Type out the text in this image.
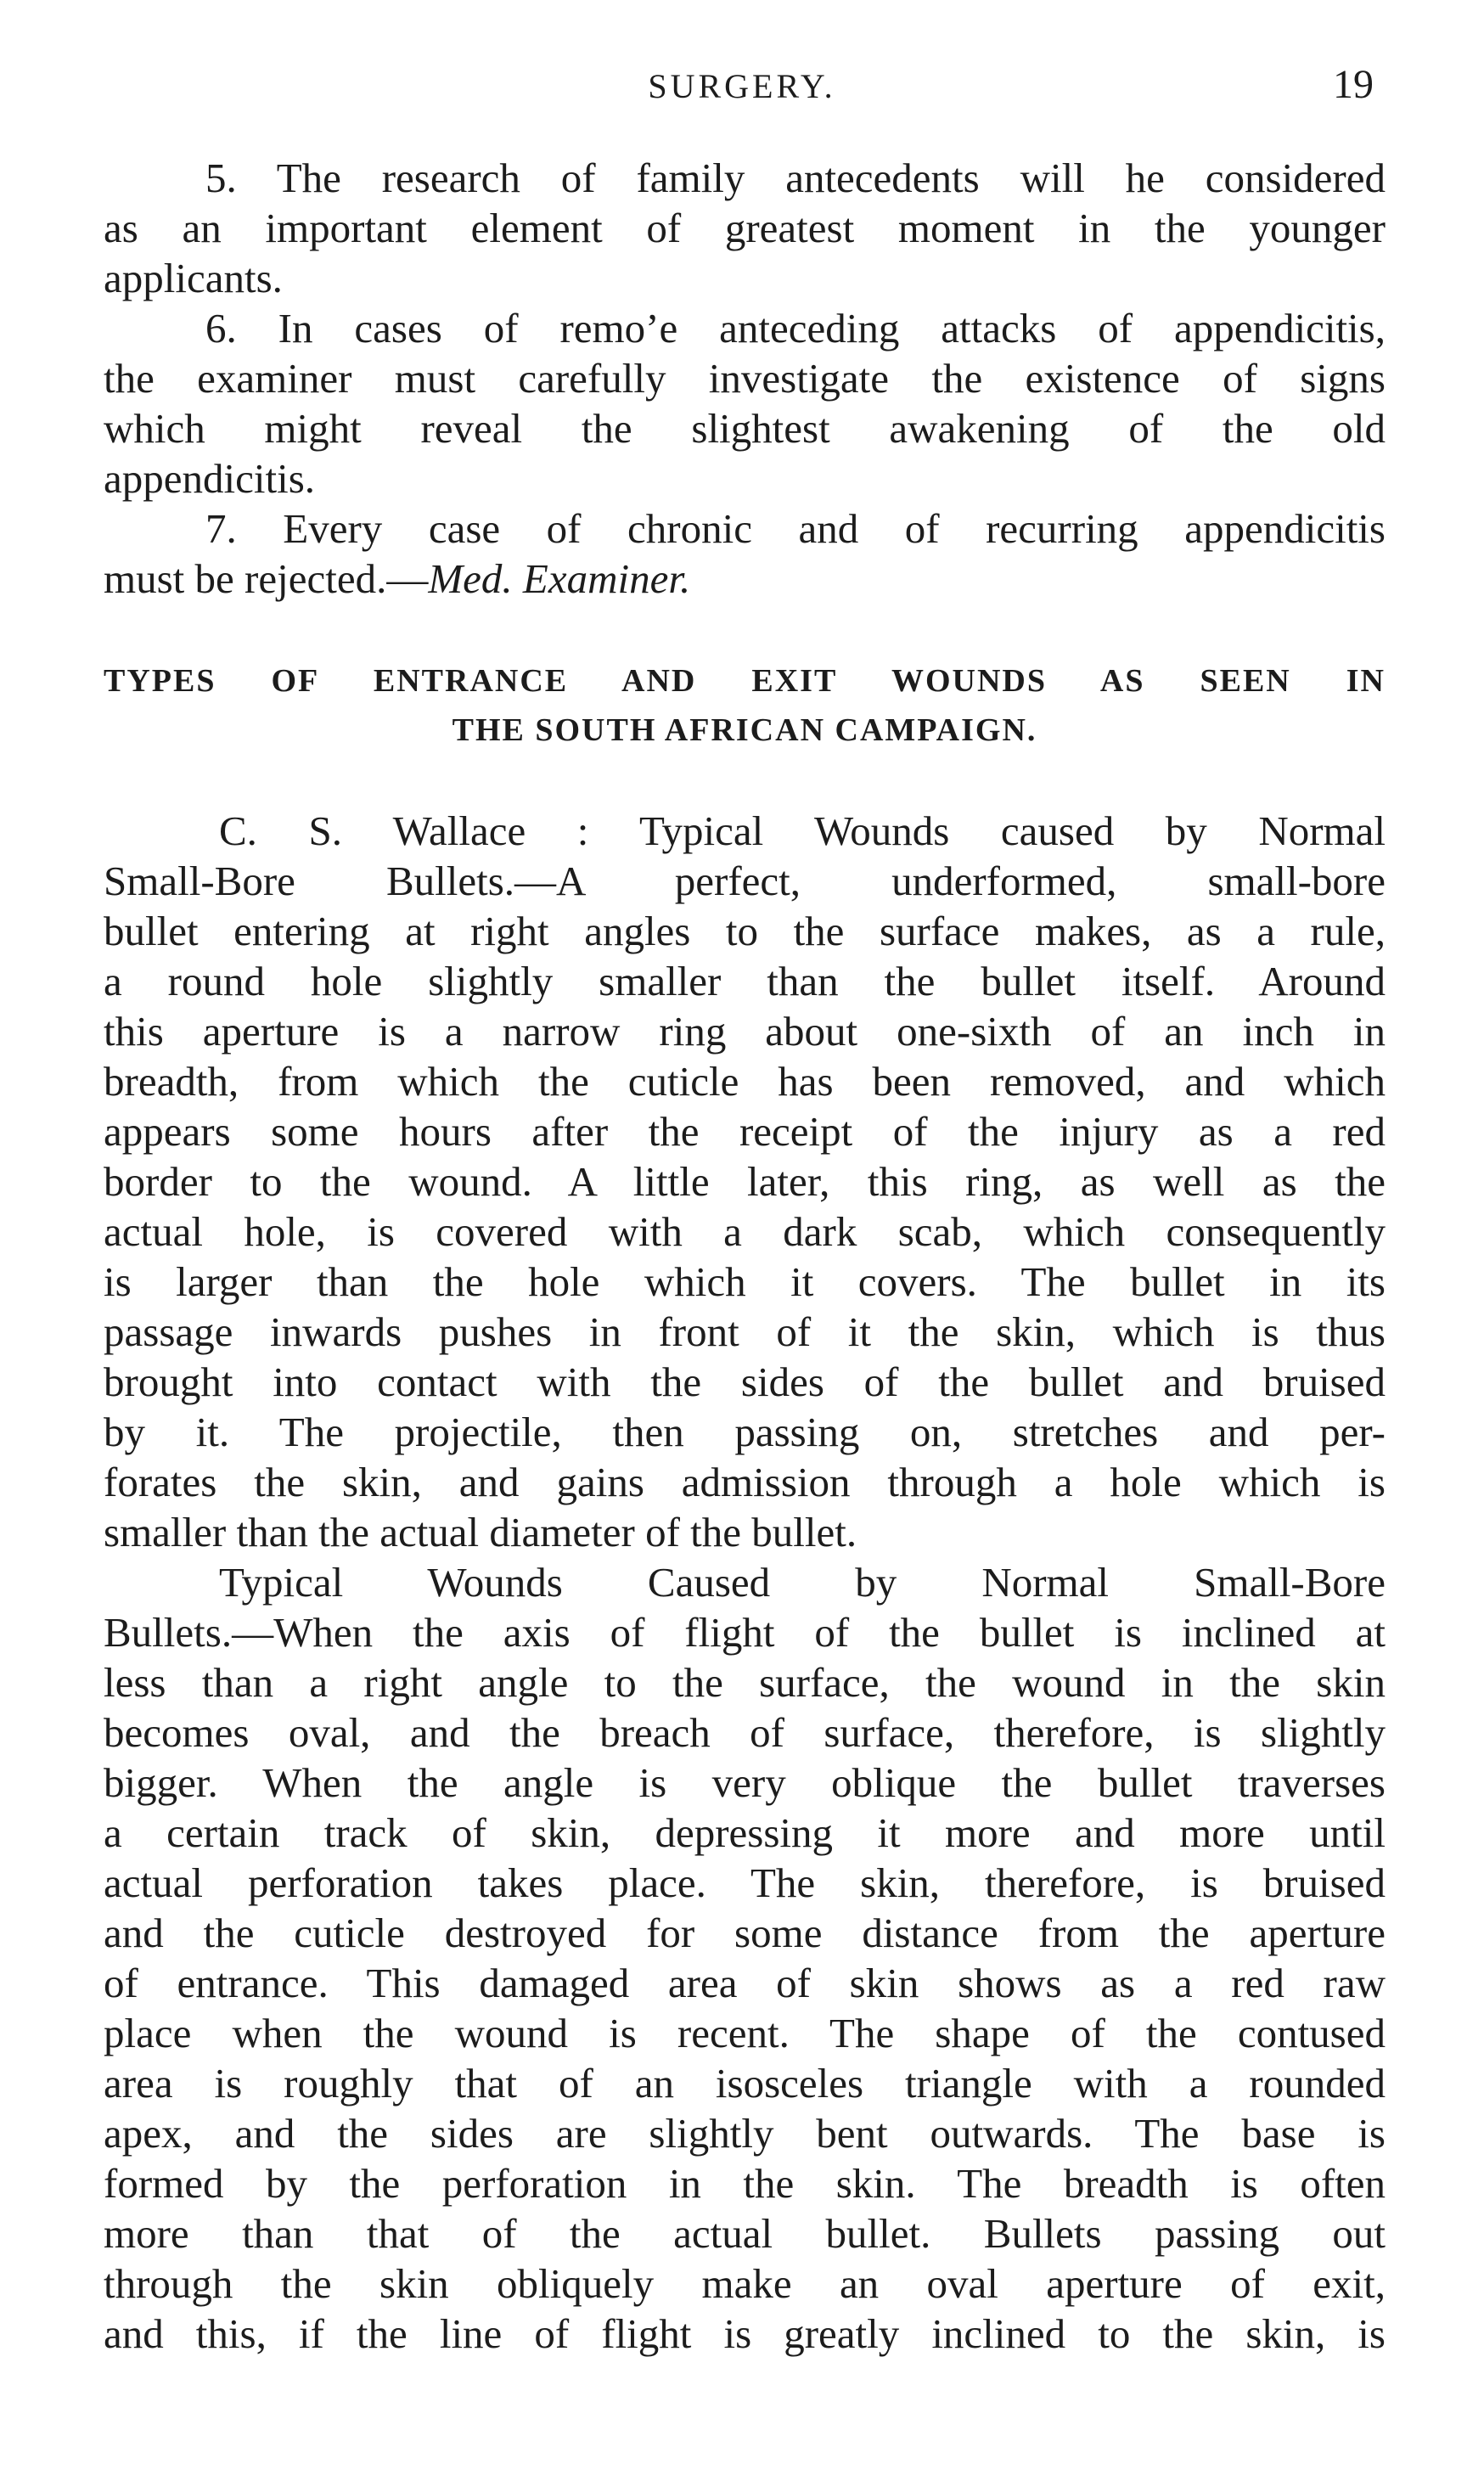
SURGERY.	19
5. The research of family antecedents will he considered
as an important element of greatest moment in the younger
applicants.
6. In cases of remo’e anteceding attacks of appendicitis,
the examiner must carefully investigate the existence of signs
which might reveal the slightest awakening of the old
appendicitis.
7. Every case of chronic and of recurring appendicitis
must be rejected.—Med. Examiner.
TYPES OF ENTRANCE AND EXIT WOUNDS AS SEEN IN
THE SOUTH AFRICAN CAMPAIGN.
C. S. Wallace : Typical Wounds caused by Normal
Small-Bore Bullets.—A perfect, underformed, small-bore
bullet entering at right angles to the surface makes, as a rule,
a round hole slightly smaller than the bullet itself. Around
this aperture is a narrow ring about one-sixth of an inch in
breadth, from which the cuticle has been removed, and which
appears some hours after the receipt of the injury as a red
border to the wound. A little later, this ring, as well as the
actual hole, is covered with a dark scab, which consequently
is larger than the hole which it covers. The bullet in its
passage inwards pushes in front of it the skin, which is thus
brought into contact with the sides of the bullet and bruised
by it. The projectile, then passing on, stretches and per-
forates the skin, and gains admission through a hole which is
smaller than the actual diameter of the bullet.
Typical Wounds Caused by Normal Small-Bore
Bullets.—When the axis of flight of the bullet is inclined at
less than a right angle to the surface, the wound in the skin
becomes oval, and the breach of surface, therefore, is slightly
bigger. When the angle is very oblique the bullet traverses
a certain track of skin, depressing it more and more until
actual perforation takes place. The skin, therefore, is bruised
and the cuticle destroyed for some distance from the aperture
of entrance. This damaged area of skin shows as a red raw
place when the wound is recent. The shape of the contused
area is roughly that of an isosceles triangle with a rounded
apex, and the sides are slightly bent outwards. The base is
formed by the perforation in the skin. The breadth is often
more than that of the actual bullet. Bullets passing out
through the skin obliquely make an oval aperture of exit,
and this, if the line of flight is greatly inclined to the skin, is
